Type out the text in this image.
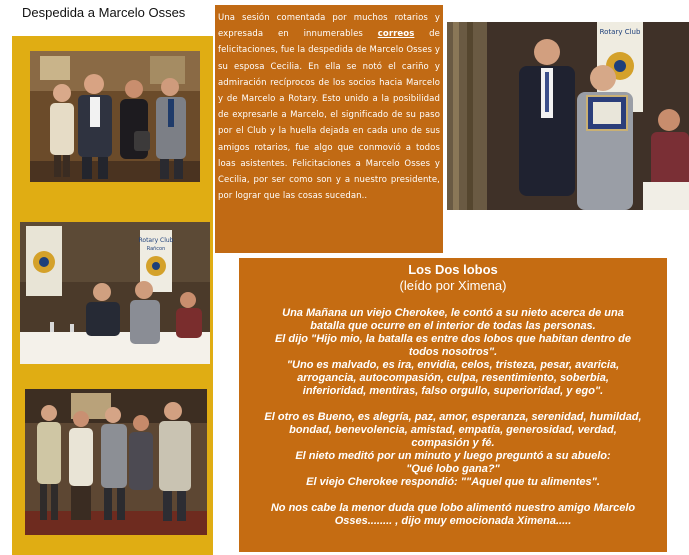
Despedida a Marcelo Osses
Rotary Club
Rañcon

Una sesión comentada por muchos rotarios y expresada en innumerables correos de felicitaciones, fue la despedida de Marcelo Osses y su esposa Cecilia. En ella se notó el cariño y admiración recíprocos de los socios hacia Marcelo y de Marcelo a Rotary. Esto unido a la posibilidad de expresarle a Marcelo, el significado de su paso por el Club y la huella dejada en cada uno de sus amigos rotarios, fue algo que conmovió a todos loas asistentes. Felicitaciones a Marcelo Osses y Cecilia, por ser como son y a nuestro presidente, por lograr que las cosas sucedan..

Rotary Club
Los Dos lobos
(leído por Ximena)

Una Mañana un viejo Cherokee, le contó a su nieto acerca de una

batalla que ocurre en el interior de todas las personas.

El dijo "Hijo mio, la batalla es entre dos lobos que habitan dentro de

todos nosotros".

"Uno es malvado, es ira, envidia, celos, tristeza, pesar, avaricia,

arrogancia, autocompasión, culpa, resentimiento, soberbia,

inferioridad, mentiras, falso orgullo, superioridad, y ego".

El otro es Bueno, es alegría, paz, amor, esperanza, serenidad, humildad,

bondad, benevolencia, amistad, empatía, generosidad, verdad,

compasión y fé.

El nieto meditó por un minuto y luego preguntó a su abuelo:

"Qué lobo gana?"

El viejo Cherokee respondió: ""Aquel que tu alimentes".

No nos cabe la menor duda que lobo alimentó nuestro amigo Marcelo

Osses........ , dijo muy emocionada Ximena.....
